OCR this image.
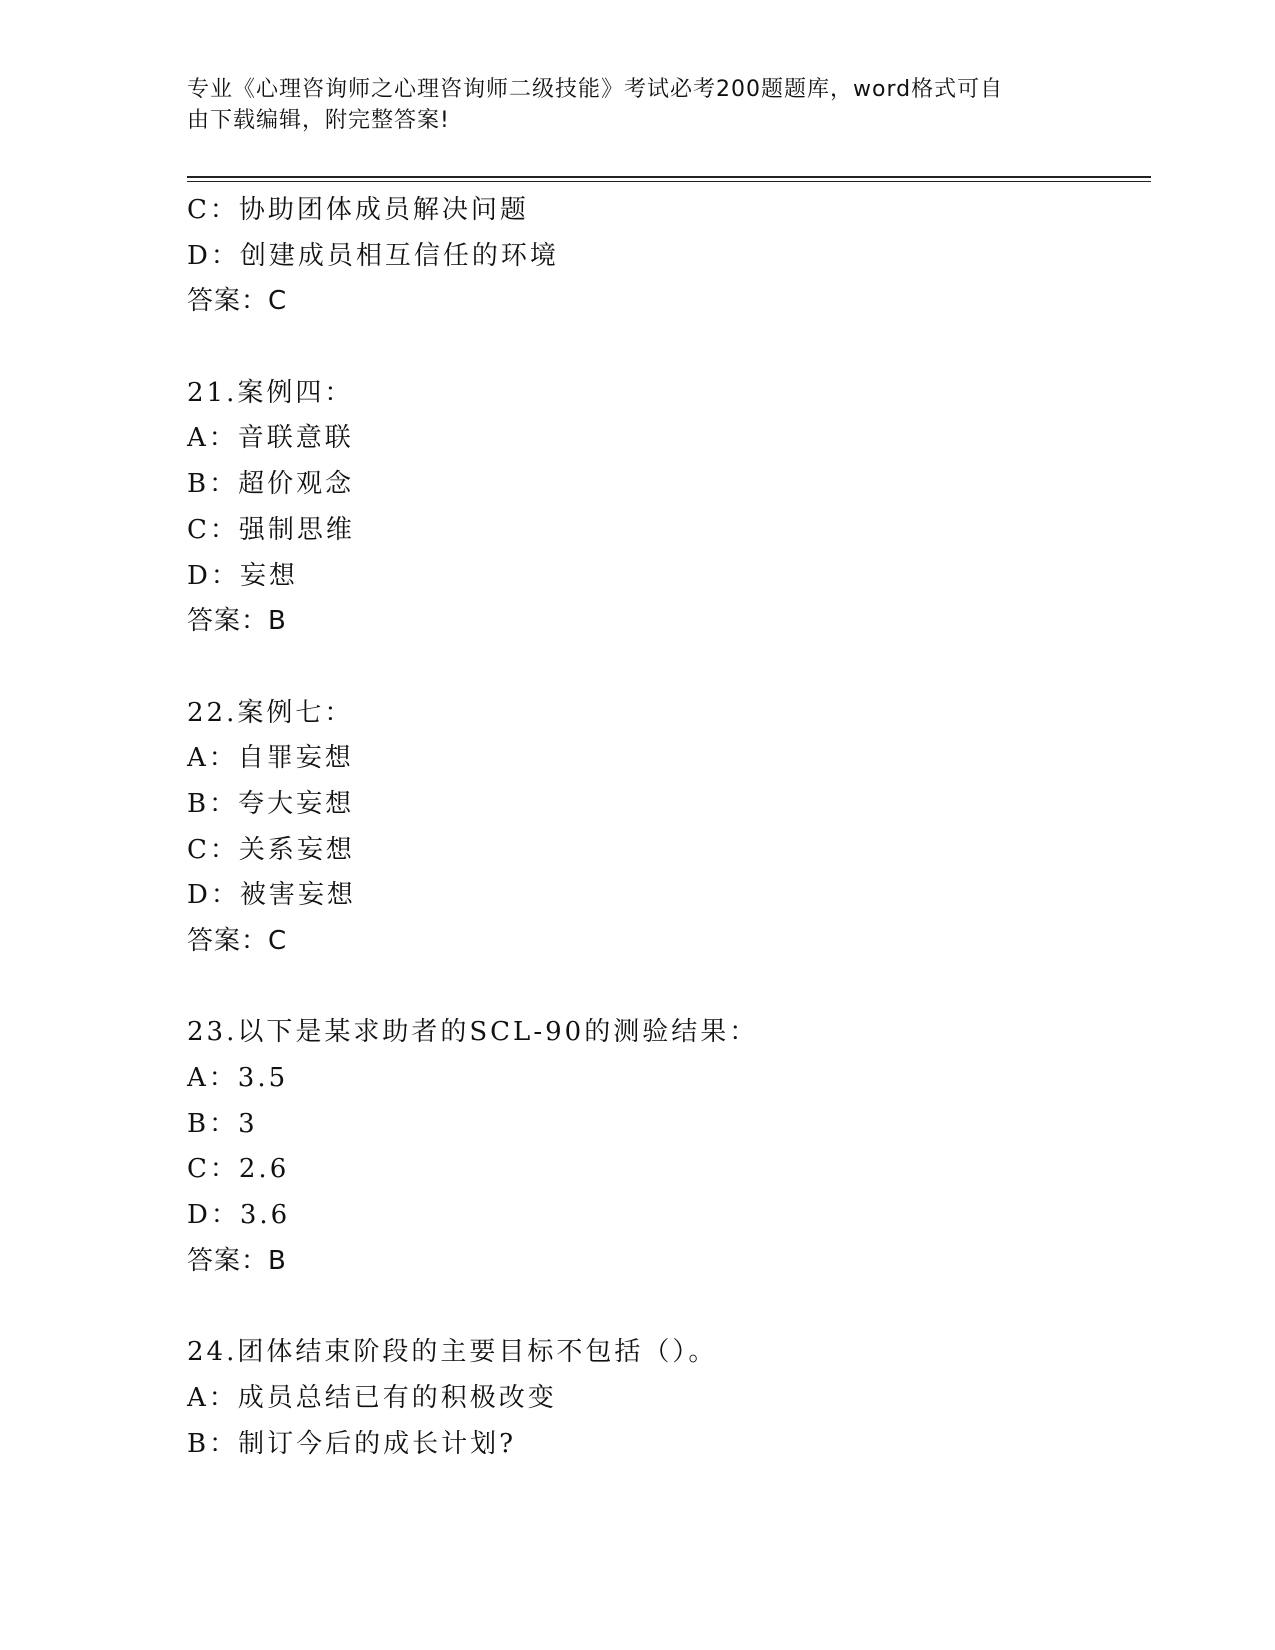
专业《心理咨询师之心理咨询师二级技能》考试必考200题题库，word格式可自
由下载编辑，附完整答案!
C：协助团体成员解决问题
D：创建成员相互信任的环境
答案：C
21.案例四：
A：音联意联
B：超价观念
C：强制思维
D：妄想
答案：B
22.案例七：
A：自罪妄想
B：夸大妄想
C：关系妄想
D：被害妄想
答案：C
23.以下是某求助者的SCL-90的测验结果：
A：3.5
B：3
C：2.6
D：3.6
答案：B
24.团体结束阶段的主要目标不包括（）。
A：成员总结已有的积极改变
B：制订今后的成长计划?
